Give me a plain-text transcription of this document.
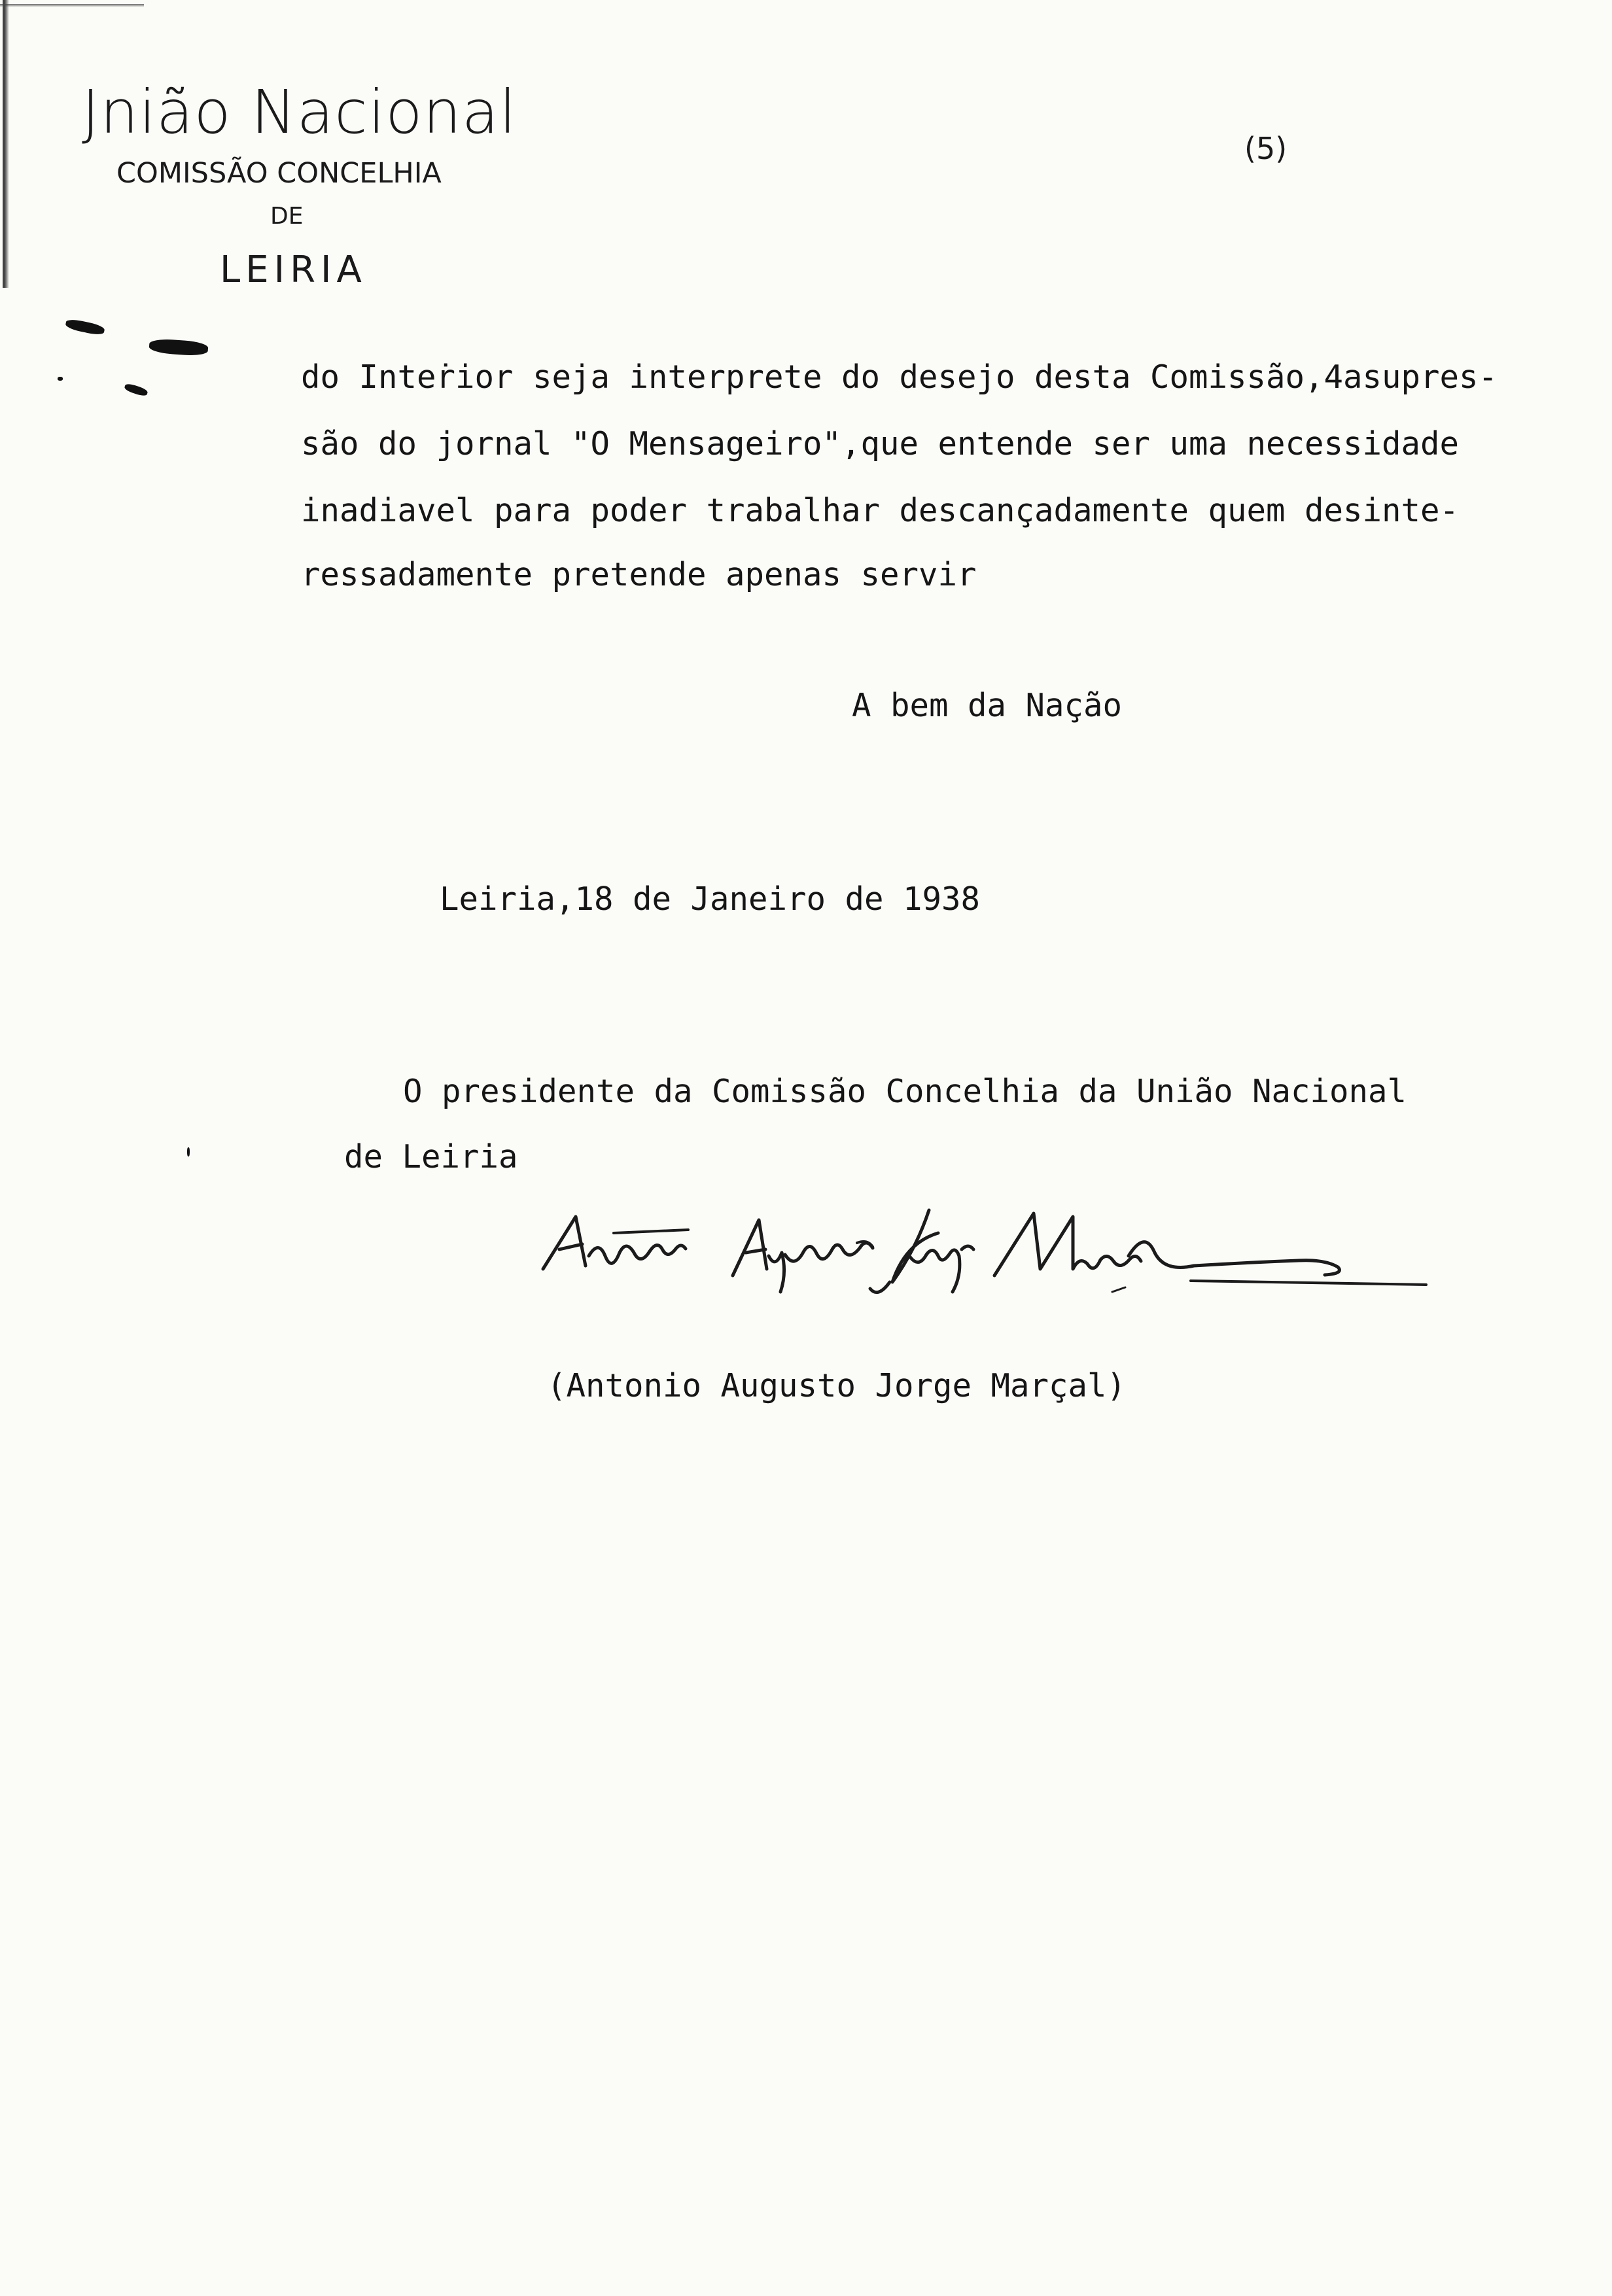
Jnião Nacional
COMISSÃO CONCELHIA
DE
LEIRIA
(5)
do Inteṙior seja interprete do desejo desta Comissão,4asupres-
são do jornal "O Mensageiro",que entende ser uma necessidade
inadiavel para poder trabalhar descançadamente quem desinte-
ressadamente pretende apenas servir
A bem da Nação
Leiria,18 de Janeiro de 1938
O presidente da Comissão Concelhia da União Nacional
de Leiria
(Antonio Augusto Jorge Marçal)
